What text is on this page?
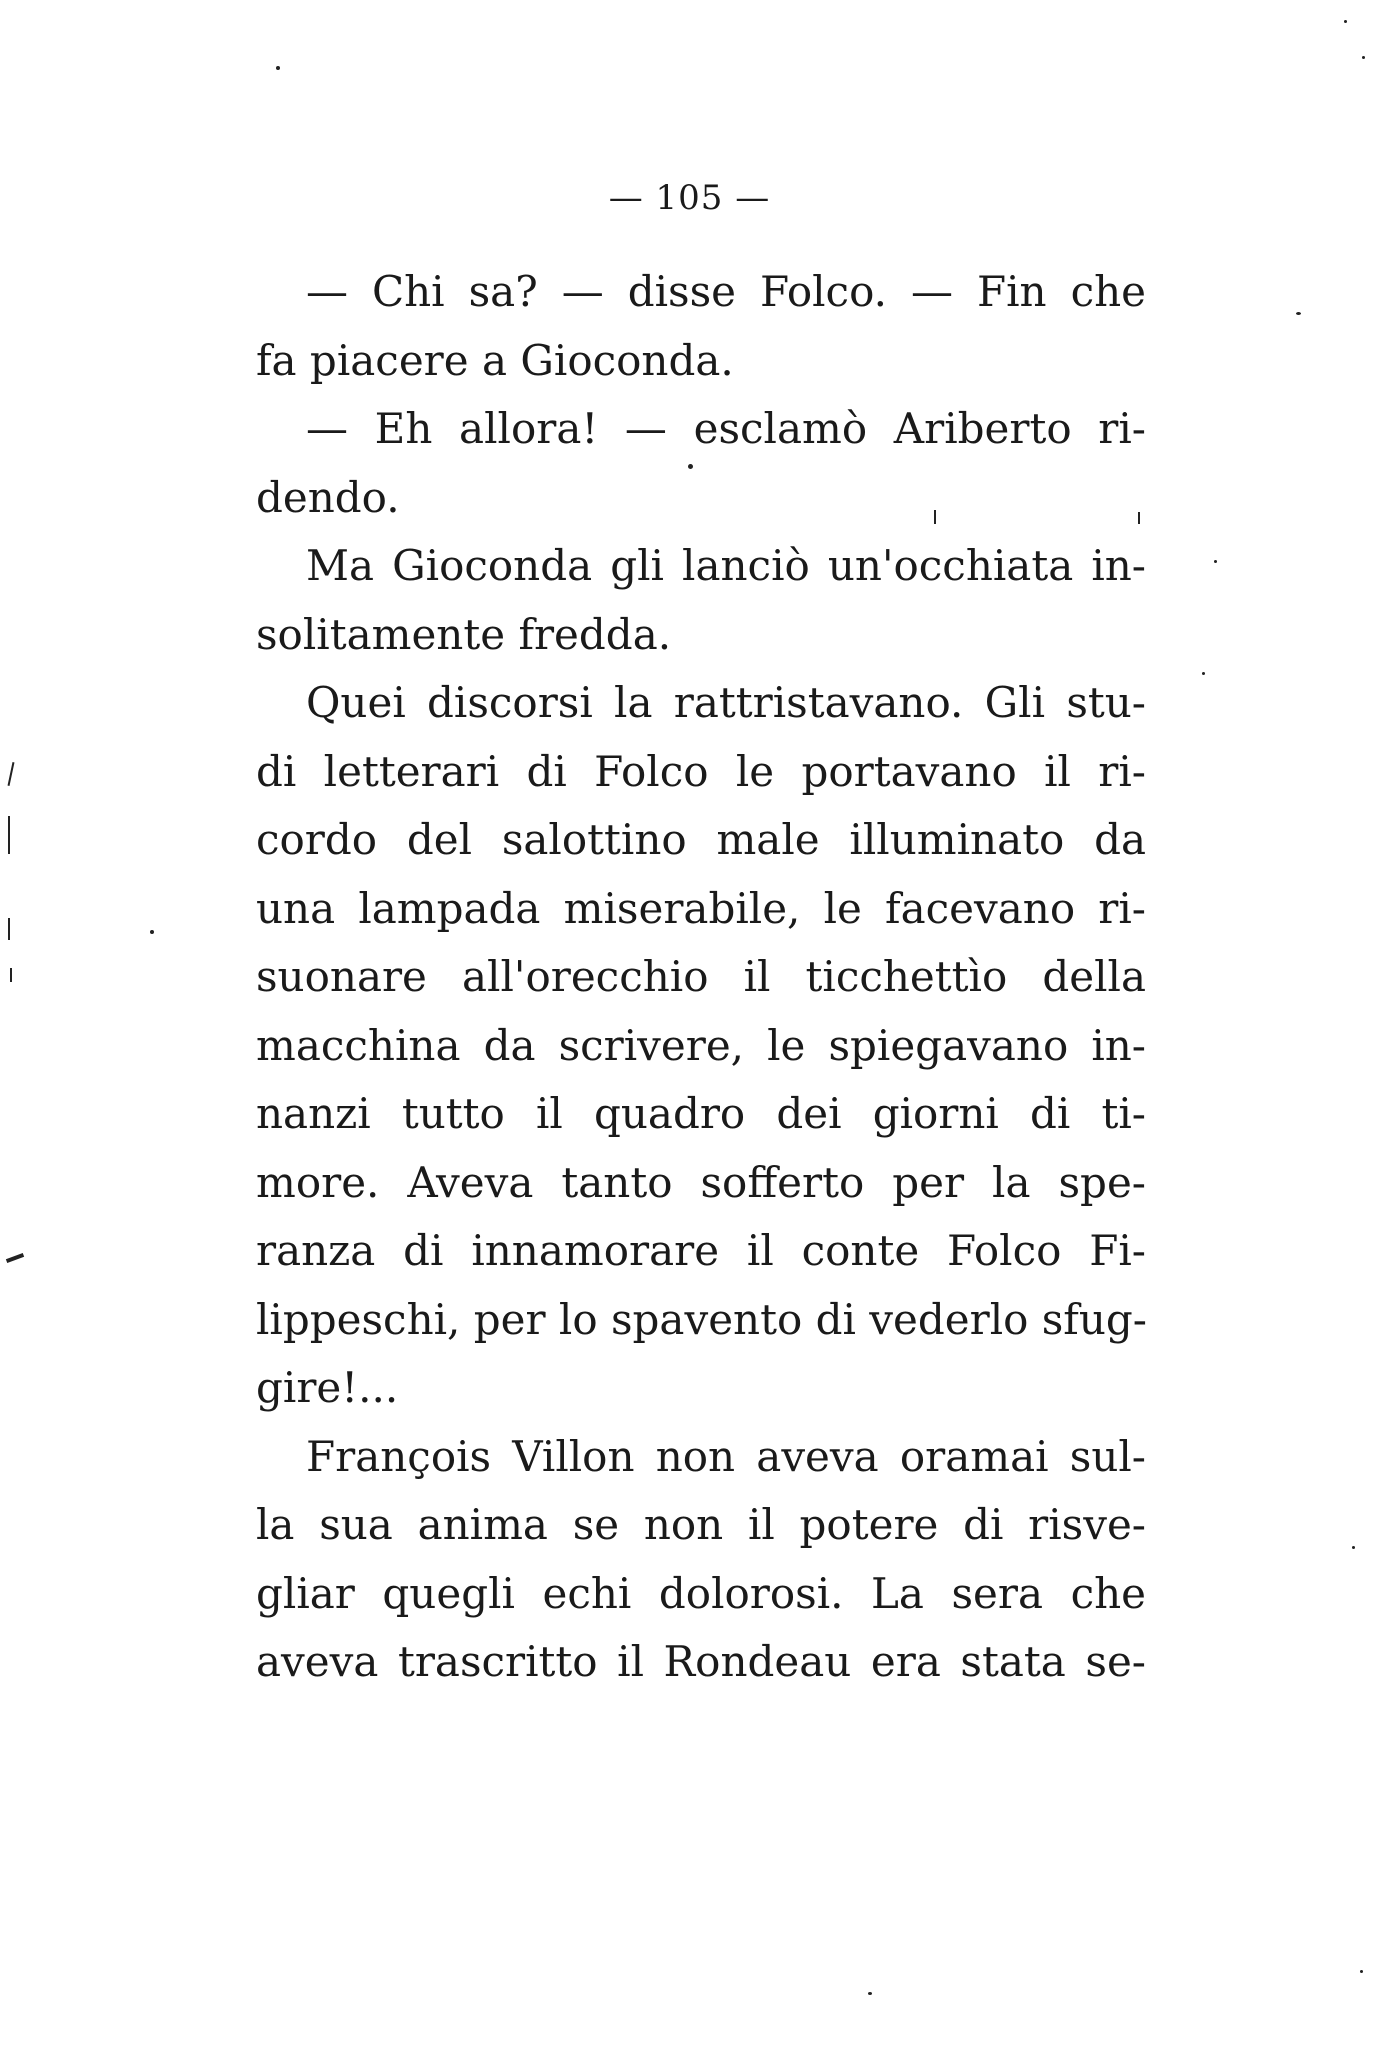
— 105 —
— Chi sa? — disse Folco. — Fin che
fa piacere a Gioconda.
— Eh allora! — esclamò Ariberto ri-
dendo.
Ma Gioconda gli lanciò un'occhiata in-
solitamente fredda.
Quei discorsi la rattristavano. Gli stu-
di letterari di Folco le portavano il ri-
cordo del salottino male illuminato da
una lampada miserabile, le facevano ri-
suonare all'orecchio il ticchettìo della
macchina da scrivere, le spiegavano in-
nanzi tutto il quadro dei giorni di ti-
more. Aveva tanto sofferto per la spe-
ranza di innamorare il conte Folco Fi-
lippeschi, per lo spavento di vederlo sfug-
gire!...
François Villon non aveva oramai sul-
la sua anima se non il potere di risve-
gliar quegli echi dolorosi. La sera che
aveva trascritto il Rondeau era stata se-
